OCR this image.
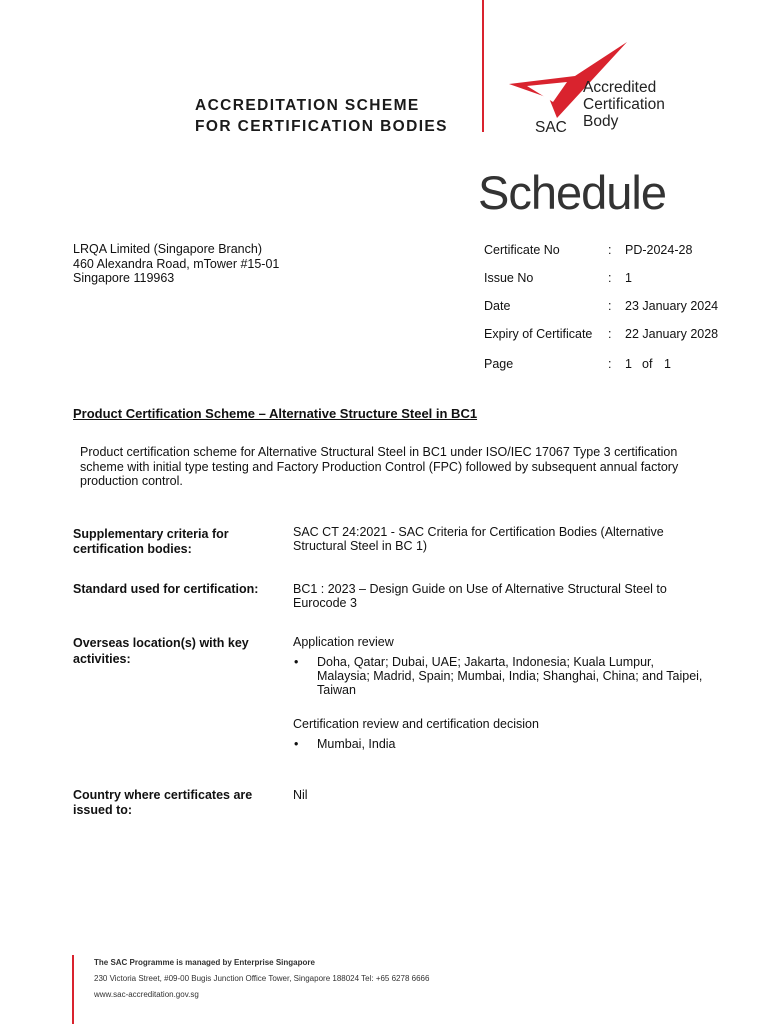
ACCREDITATION SCHEME
FOR CERTIFICATION BODIES
Accredited
Certification
Body
SAC
Schedule
LRQA Limited (Singapore Branch)
460 Alexandra Road, mTower #15-01
Singapore 119963
Certificate No	: PD-2024-28
Issue No	: 1
Date	: 23 January 2024
Expiry of Certificate : 22 January 2028
Page	: 1 of 1
Product Certification Scheme – Alternative Structure Steel in BC1
Product certification scheme for Alternative Structural Steel in BC1 under ISO/IEC 17067 Type 3 certification scheme with initial type testing and Factory Production Control (FPC) followed by subsequent annual factory production control.
Supplementary criteria for certification bodies:
SAC CT 24:2021 - SAC Criteria for Certification Bodies (Alternative Structural Steel in BC 1)
Standard used for certification:	BC1 : 2023 – Design Guide on Use of Alternative Structural Steel to Eurocode 3
Overseas location(s) with key activities:
Application review
• Doha, Qatar; Dubai, UAE; Jakarta, Indonesia; Kuala Lumpur, Malaysia; Madrid, Spain; Mumbai, India; Shanghai, China; and Taipei, Taiwan
Certification review and certification decision
• Mumbai, India
Country where certificates are issued to:
Nil
The SAC Programme is managed by Enterprise Singapore
230 Victoria Street, #09-00 Bugis Junction Office Tower, Singapore 188024 Tel: +65 6278 6666
www.sac-accreditation.gov.sg
